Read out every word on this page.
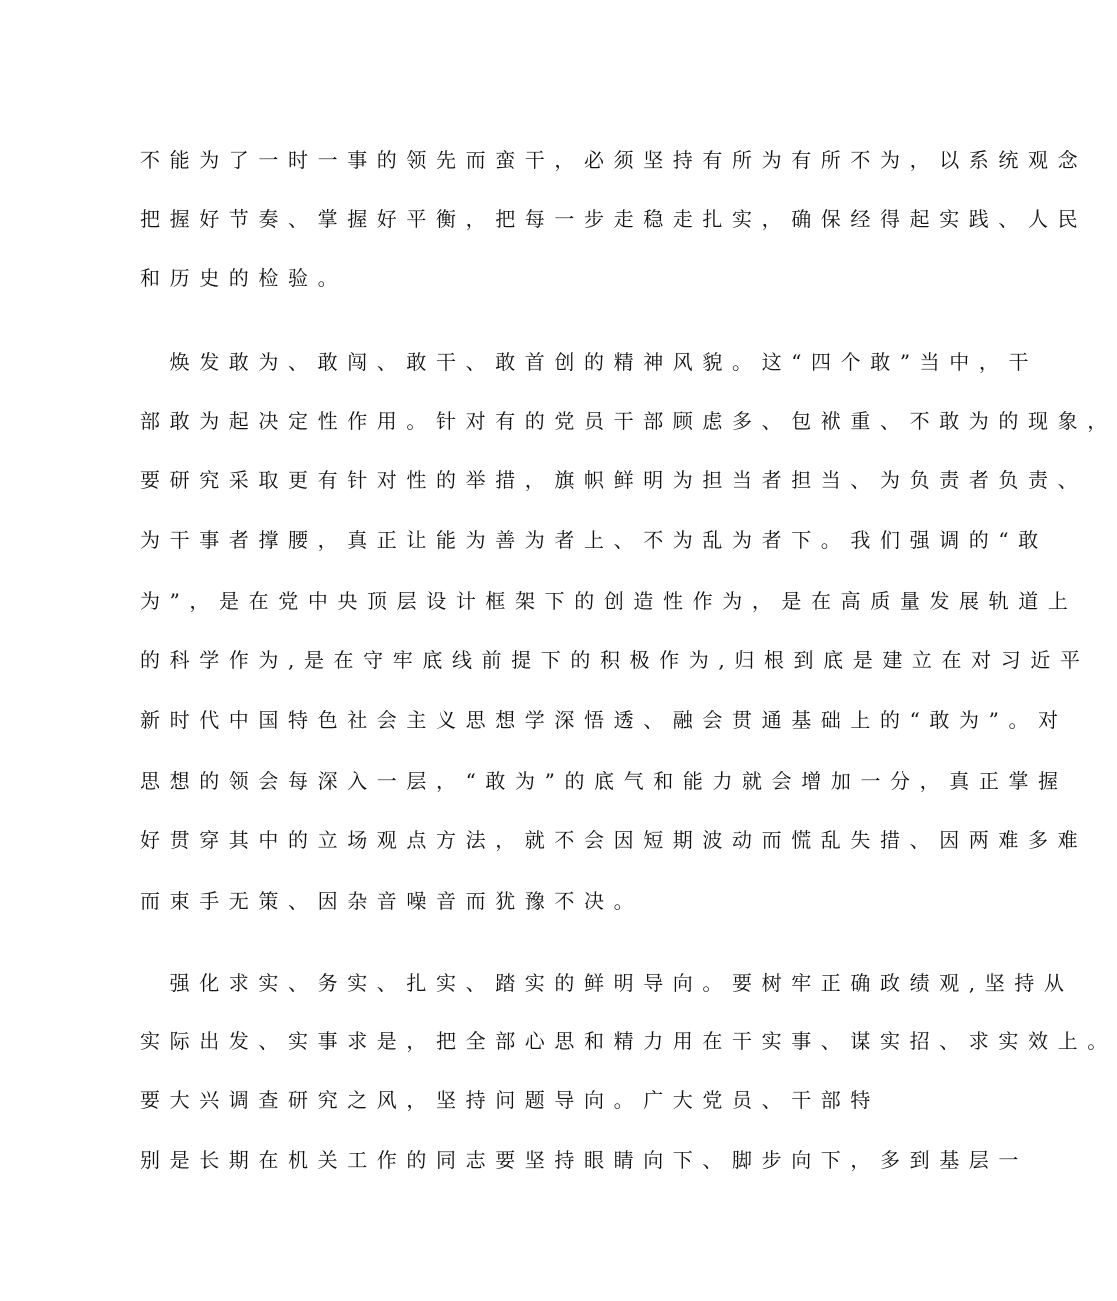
不能为了一时一事的领先而蛮干，必须坚持有所为有所不为，以系统观念
把握好节奏、掌握好平衡，把每一步走稳走扎实，确保经得起实践、人民
和历史的检验。
　焕发敢为、敢闯、敢干、敢首创的精神风貌。这“四个敢”当中，干
部敢为起决定性作用。针对有的党员干部顾虑多、包袱重、不敢为的现象，
要研究采取更有针对性的举措，旗帜鲜明为担当者担当、为负责者负责、
为干事者撑腰，真正让能为善为者上、不为乱为者下。我们强调的“敢
为”，是在党中央顶层设计框架下的创造性作为，是在高质量发展轨道上
的科学作为,是在守牢底线前提下的积极作为,归根到底是建立在对习近平
新时代中国特色社会主义思想学深悟透、融会贯通基础上的“敢为”。对
思想的领会每深入一层，“敢为”的底气和能力就会增加一分，真正掌握
好贯穿其中的立场观点方法，就不会因短期波动而慌乱失措、因两难多难
而束手无策、因杂音噪音而犹豫不决。
　强化求实、务实、扎实、踏实的鲜明导向。要树牢正确政绩观,坚持从
实际出发、实事求是，把全部心思和精力用在干实事、谋实招、求实效上。
要大兴调查研究之风，坚持问题导向。广大党员、干部特
别是长期在机关工作的同志要坚持眼睛向下、脚步向下，多到基层一
